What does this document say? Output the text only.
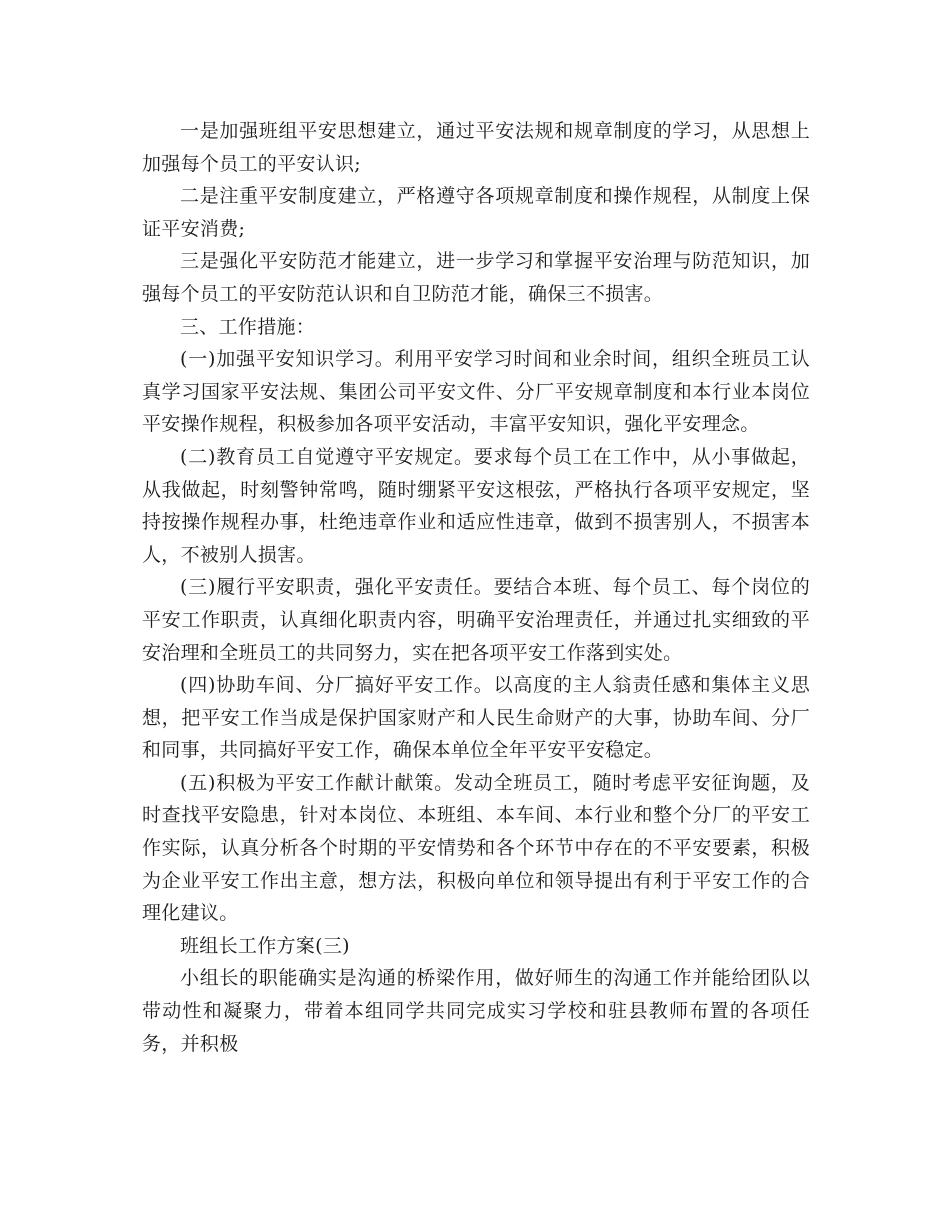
一是加强班组平安思想建立，通过平安法规和规章制度的学习，从思想上加强每个员工的平安认识;

二是注重平安制度建立，严格遵守各项规章制度和操作规程，从制度上保证平安消费;

三是强化平安防范才能建立，进一步学习和掌握平安治理与防范知识，加强每个员工的平安防范认识和自卫防范才能，确保三不损害。

三、工作措施：

(一)加强平安知识学习。利用平安学习时间和业余时间，组织全班员工认真学习国家平安法规、集团公司平安文件、分厂平安规章制度和本行业本岗位平安操作规程，积极参加各项平安活动，丰富平安知识，强化平安理念。

(二)教育员工自觉遵守平安规定。要求每个员工在工作中，从小事做起，从我做起，时刻警钟常鸣，随时绷紧平安这根弦，严格执行各项平安规定，坚持按操作规程办事，杜绝违章作业和适应性违章，做到不损害别人，不损害本人，不被别人损害。

(三)履行平安职责，强化平安责任。要结合本班、每个员工、每个岗位的平安工作职责，认真细化职责内容，明确平安治理责任，并通过扎实细致的平安治理和全班员工的共同努力，实在把各项平安工作落到实处。

(四)协助车间、分厂搞好平安工作。以高度的主人翁责任感和集体主义思想，把平安工作当成是保护国家财产和人民生命财产的大事，协助车间、分厂和同事，共同搞好平安工作，确保本单位全年平安平安稳定。

(五)积极为平安工作献计献策。发动全班员工，随时考虑平安征询题，及时查找平安隐患，针对本岗位、本班组、本车间、本行业和整个分厂的平安工作实际，认真分析各个时期的平安情势和各个环节中存在的不平安要素，积极为企业平安工作出主意，想方法，积极向单位和领导提出有利于平安工作的合理化建议。

班组长工作方案(三)

小组长的职能确实是沟通的桥梁作用，做好师生的沟通工作并能给团队以带动性和凝聚力，带着本组同学共同完成实习学校和驻县教师布置的各项任务，并积极
